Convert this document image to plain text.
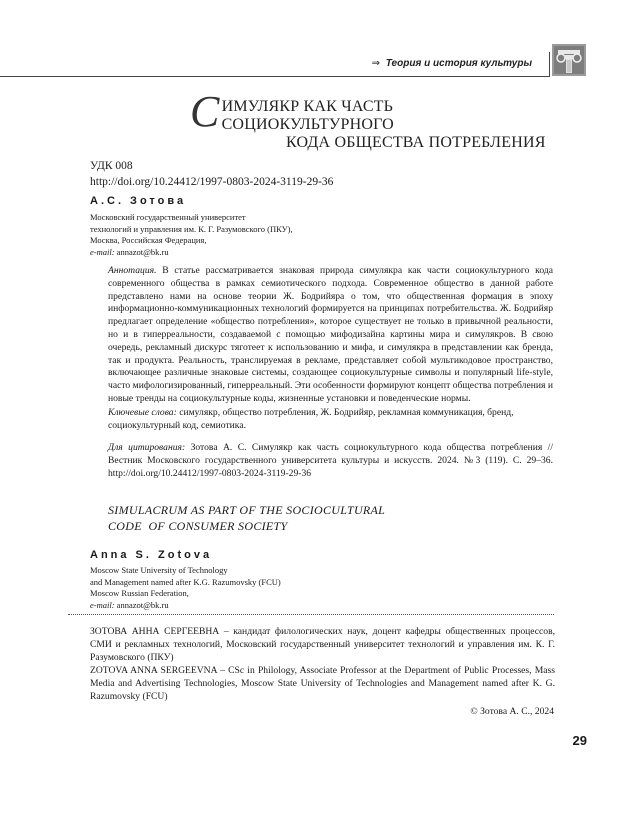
⇒ Теория и история культуры
С ИМУЛЯКР КАК ЧАСТЬ СОЦИОКУЛЬТУРНОГО
КОДА ОБЩЕСТВА ПОТРЕБЛЕНИЯ
УДК 008
http://doi.org/10.24412/1997-0803-2024-3119-29-36
А.С. Зотова
Московский государственный университет
технологий и управления им. К. Г. Разумовского (ПКУ),
Москва, Российская Федерация,
e-mail: annazot@bk.ru
Аннотация. В статье рассматривается знаковая природа симулякра как части социокультурного кода современного общества в рамках семиотического подхода. Современное общество в данной работе представлено нами на основе теории Ж. Бодрийяра о том, что общественная формация в эпоху информационно-коммуникационных технологий формируется на принципах потребительства. Ж. Бодрийяр предлагает определение «общество потребления», которое существует не только в привычной реальности, но и в гиперреальности, создаваемой с помощью мифодизайна картины мира и симулякров. В свою очередь, рекламный дискурс тяготеет к использованию и мифа, и симулякра в представлении как бренда, так и продукта. Реальность, транслируемая в рекламе, представляет собой мультикодовое пространство, включающее различные знаковые системы, создающее социокультурные символы и популярный life-style, часто мифологизированный, гиперреальный. Эти особенности формируют концепт общества потребления и новые тренды на социокультурные коды, жизненные установки и поведенческие нормы.
Ключевые слова: симулякр, общество потребления, Ж. Бодрийяр, рекламная коммуникация, бренд, социокультурный код, семиотика.
Для цитирования: Зотова А. С. Симулякр как часть социокультурного кода общества потребления // Вестник Московского государственного университета культуры и искусств. 2024. №3 (119). С. 29–36. http://doi.org/10.24412/1997-0803-2024-3119-29-36
SIMULACRUM AS PART OF THE SOCIOCULTURAL
CODE  OF CONSUMER SOCIETY
Anna S. Zotova
Moscow State University of Technology
and Management named after K.G. Razumovsky (FCU)
Moscow Russian Federation,
e-mail: annazot@bk.ru
ЗОТОВА АННА СЕРГЕЕВНА – кандидат филологических наук, доцент кафедры общественных процессов, СМИ и рекламных технологий, Московский государственный университет технологий и управления им. К. Г. Разумовского (ПКУ)
ZOTOVA ANNA SERGEEVNA – CSc in Philology, Associate Professor at the Department of Public Processes, Mass Media and Advertising Technologies, Moscow State University of Technologies and Management named after K. G. Razumovsky (FCU)
© Зотова А. С., 2024
29
